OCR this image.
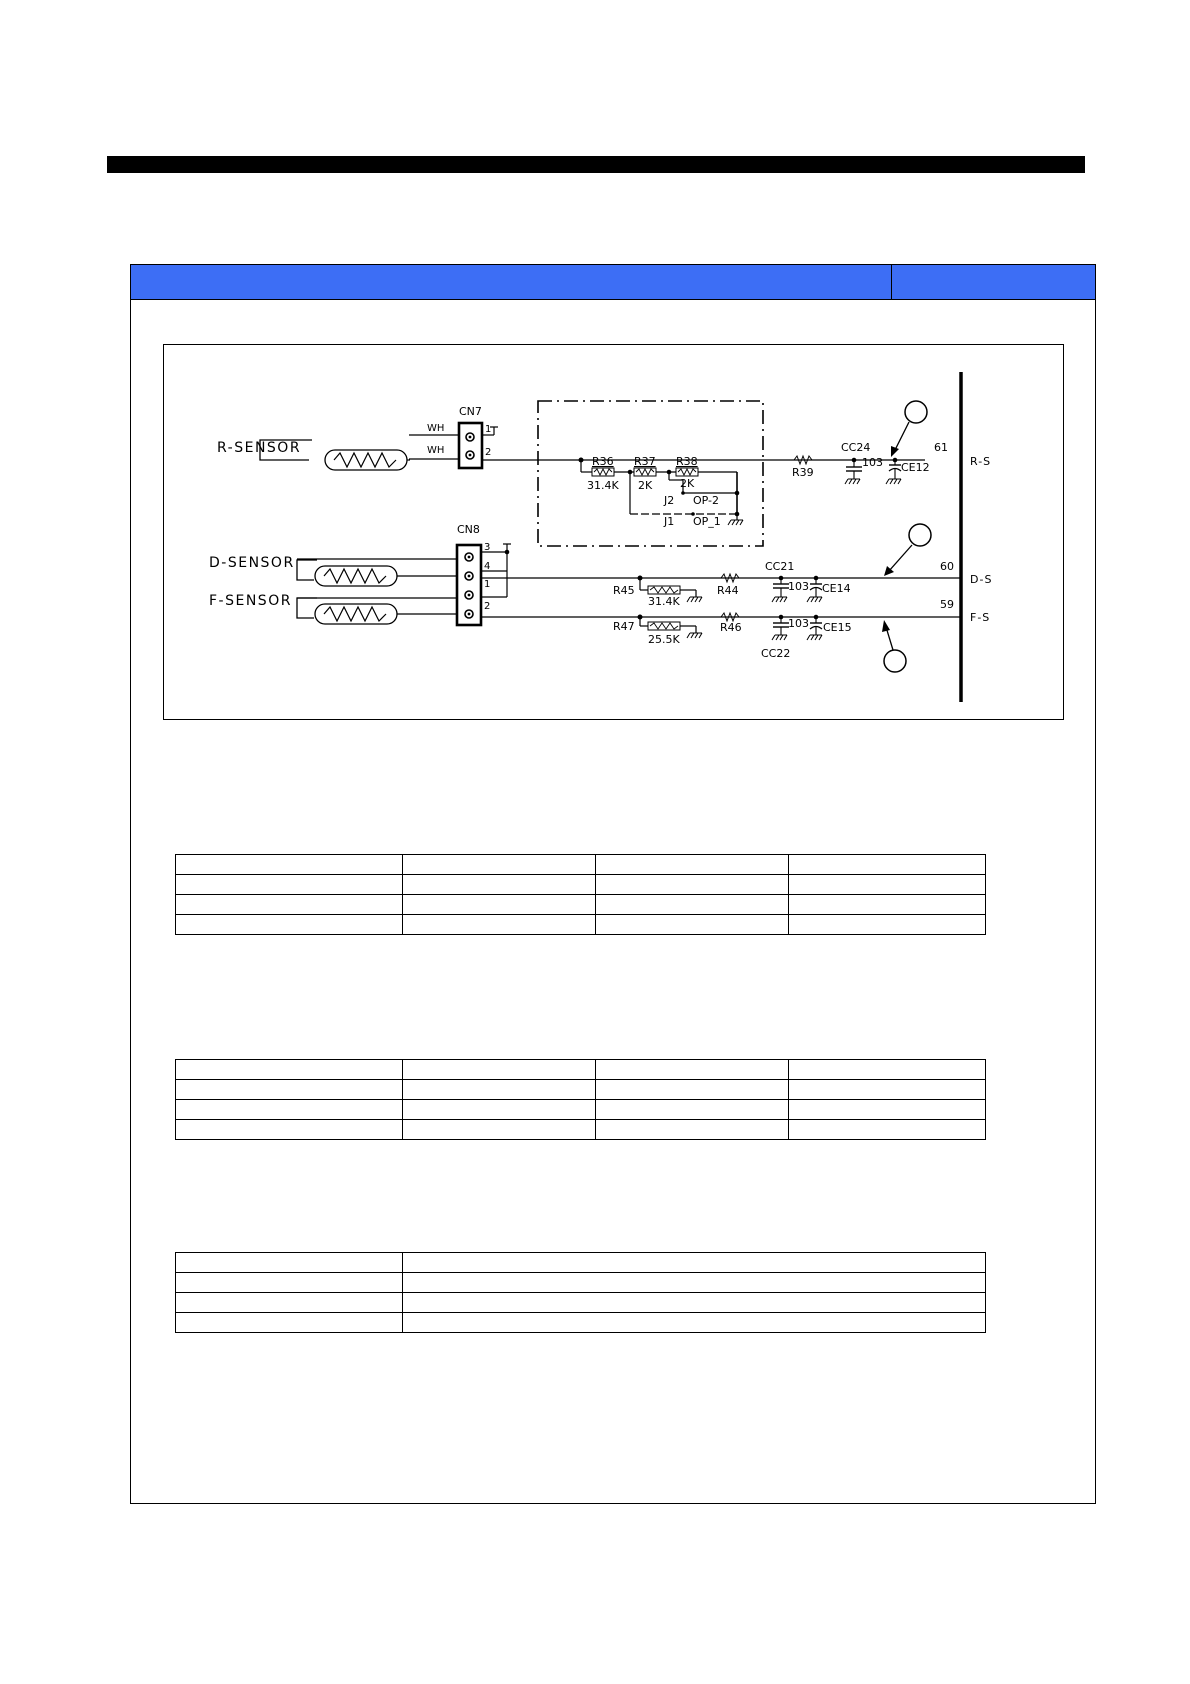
R-SENSOR
CN7
WH
WH
1
2
R36
31.4K
R37
2K
R38
2K
J2 OP-2
J1 OP_1
R39
CC24
103 CE12
61
R-S
D-SENSOR
F-SENSOR
CN8
3
4
1
2
R45
31.4K
R44
CC21
103 CE14
60
D-S
R47
25.5K
R46
CC22
103 CE15
59
F-S
